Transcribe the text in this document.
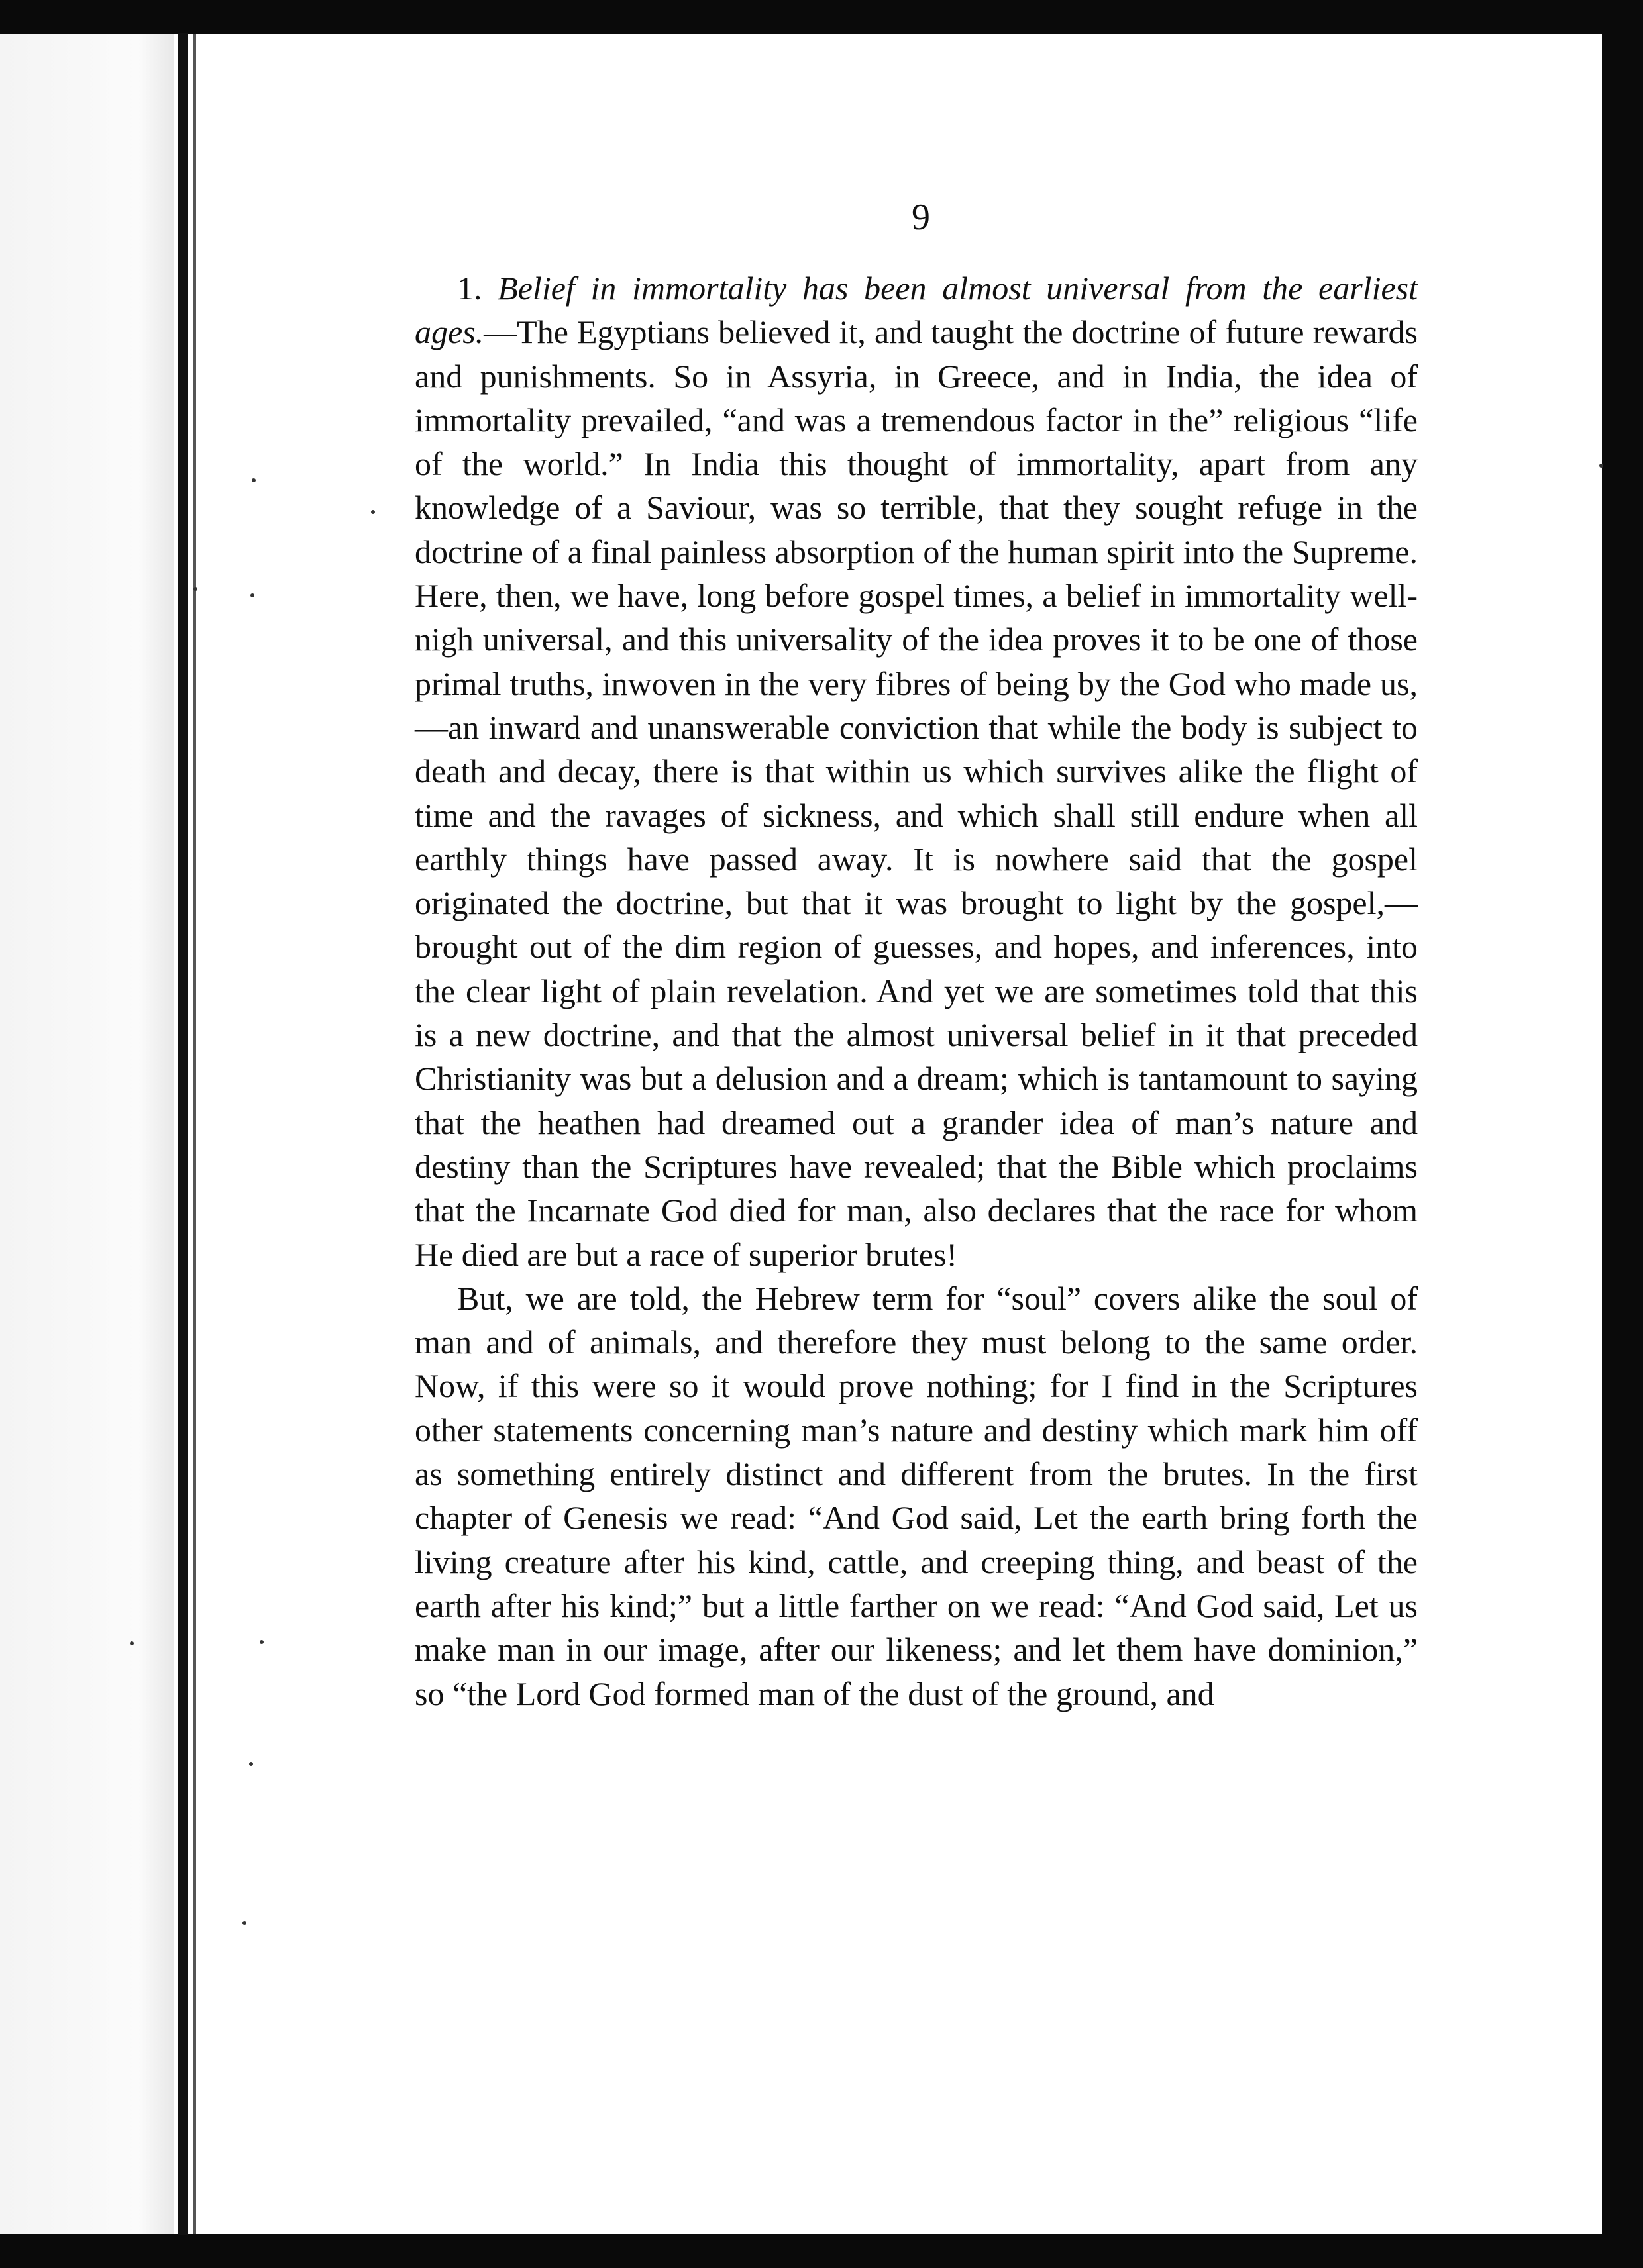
9

1. Belief in immortality has been almost universal from the earliest ages.—The Egyptians believed it, and taught the doctrine of future rewards and punishments. So in Assyria, in Greece, and in India, the idea of immortality prevailed, “and was a tremendous factor in the” religious “life of the world.” In India this thought of immortality, apart from any knowledge of a Saviour, was so terrible, that they sought refuge in the doctrine of a final painless absorption of the human spirit into the Supreme. Here, then, we have, long before gospel times, a belief in immortality well-nigh universal, and this universality of the idea proves it to be one of those primal truths, inwoven in the very fibres of being by the God who made us,—an inward and unanswerable conviction that while the body is subject to death and decay, there is that within us which survives alike the flight of time and the ravages of sickness, and which shall still endure when all earthly things have passed away. It is nowhere said that the gospel originated the doctrine, but that it was brought to light by the gospel,—brought out of the dim region of guesses, and hopes, and inferences, into the clear light of plain revelation. And yet we are sometimes told that this is a new doctrine, and that the almost universal belief in it that preceded Christianity was but a delusion and a dream; which is tantamount to saying that the heathen had dreamed out a grander idea of man’s nature and destiny than the Scriptures have revealed; that the Bible which proclaims that the Incarnate God died for man, also declares that the race for whom He died are but a race of superior brutes!

But, we are told, the Hebrew term for “soul” covers alike the soul of man and of animals, and therefore they must belong to the same order. Now, if this were so it would prove nothing; for I find in the Scriptures other statements concerning man’s nature and destiny which mark him off as something entirely distinct and different from the brutes. In the first chapter of Genesis we read: “And God said, Let the earth bring forth the living creature after his kind, cattle, and creeping thing, and beast of the earth after his kind;” but a little farther on we read: “And God said, Let us make man in our image, after our likeness; and let them have dominion,” so “the Lord God formed man of the dust of the ground, and
